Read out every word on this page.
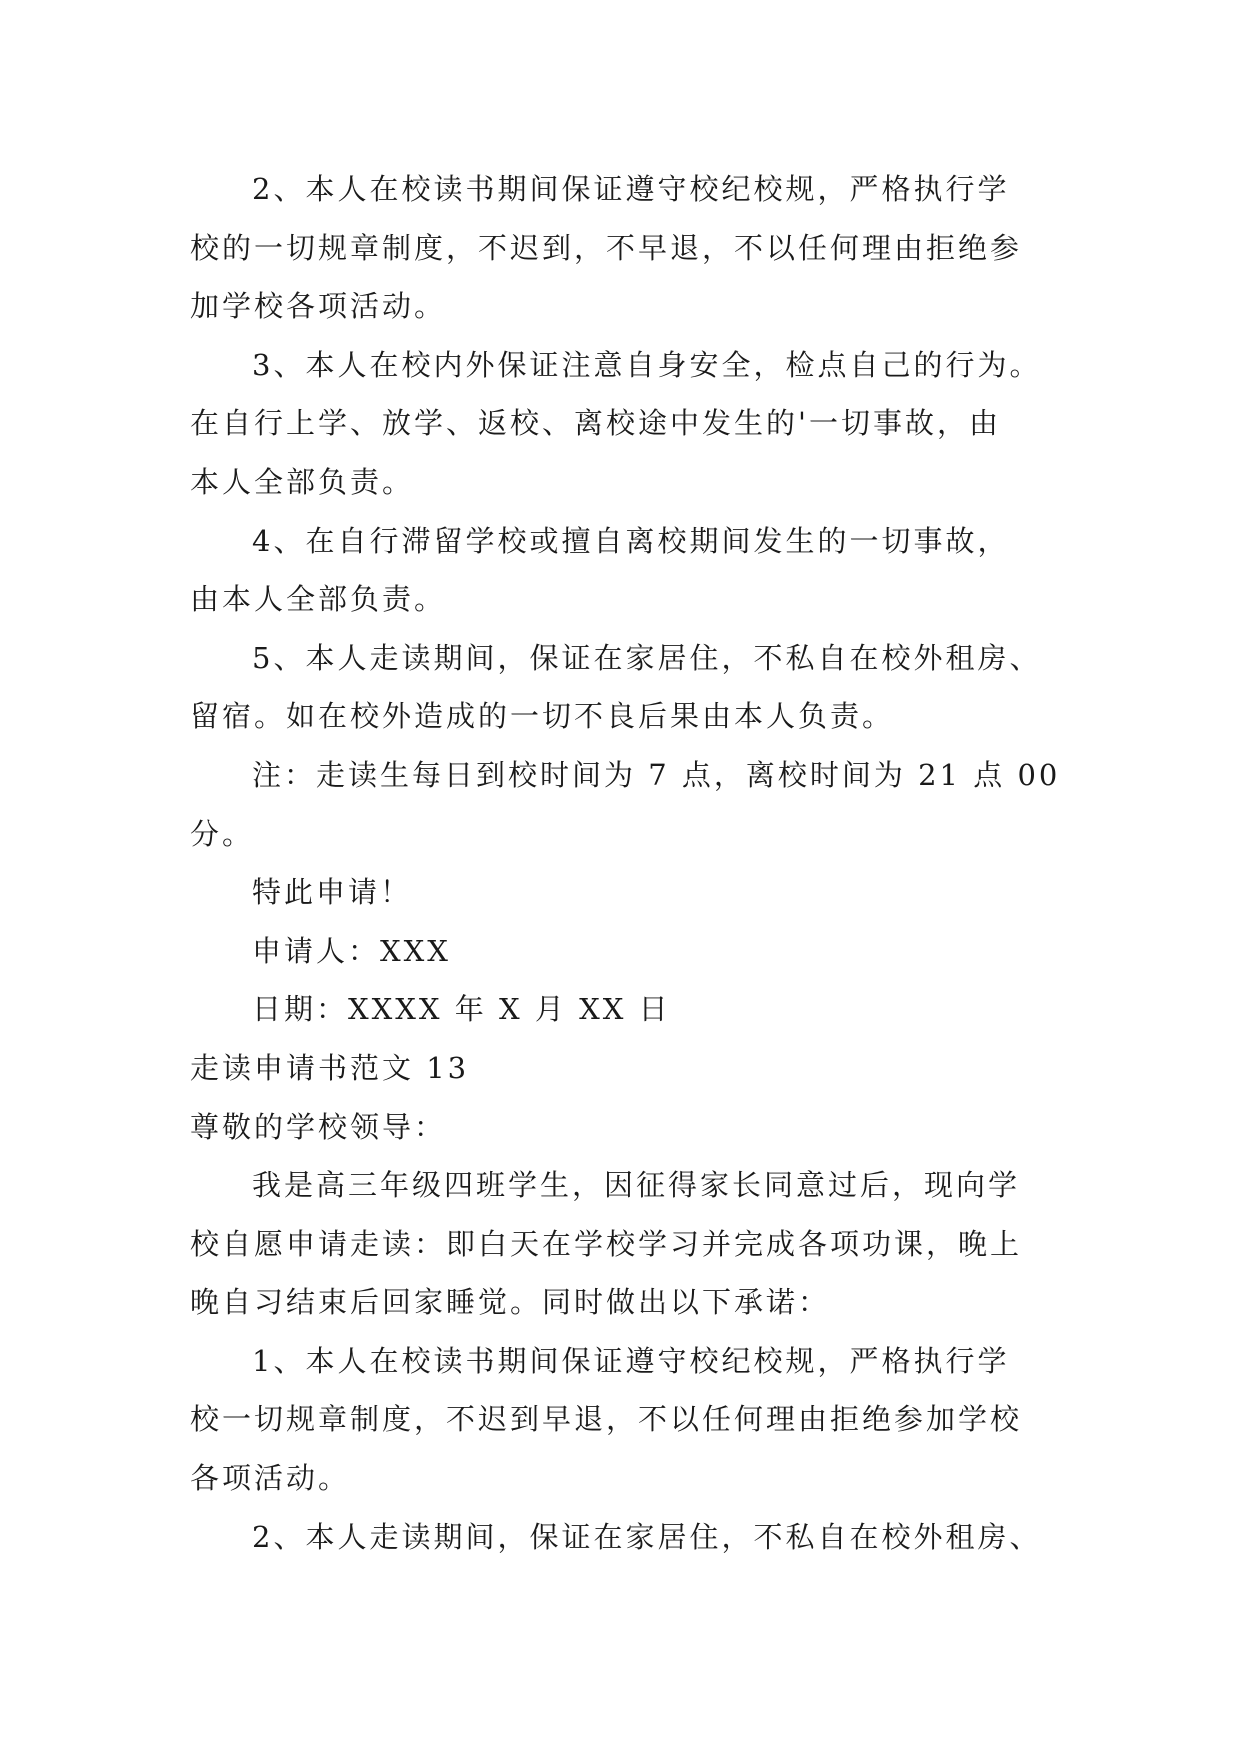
2、本人在校读书期间保证遵守校纪校规，严格执行学
校的一切规章制度，不迟到，不早退，不以任何理由拒绝参
加学校各项活动。
3、本人在校内外保证注意自身安全，检点自己的行为。
在自行上学、放学、返校、离校途中发生的'一切事故，由
本人全部负责。
4、在自行滞留学校或擅自离校期间发生的一切事故，
由本人全部负责。
5、本人走读期间，保证在家居住，不私自在校外租房、
留宿。如在校外造成的一切不良后果由本人负责。
注：走读生每日到校时间为 7 点，离校时间为 21 点 00
分。
特此申请！
申请人：XXX
日期：XXXX 年 X 月 XX 日
走读申请书范文 13
尊敬的学校领导：
我是高三年级四班学生，因征得家长同意过后，现向学
校自愿申请走读：即白天在学校学习并完成各项功课，晚上
晚自习结束后回家睡觉。同时做出以下承诺：
1、本人在校读书期间保证遵守校纪校规，严格执行学
校一切规章制度，不迟到早退，不以任何理由拒绝参加学校
各项活动。
2、本人走读期间，保证在家居住，不私自在校外租房、
